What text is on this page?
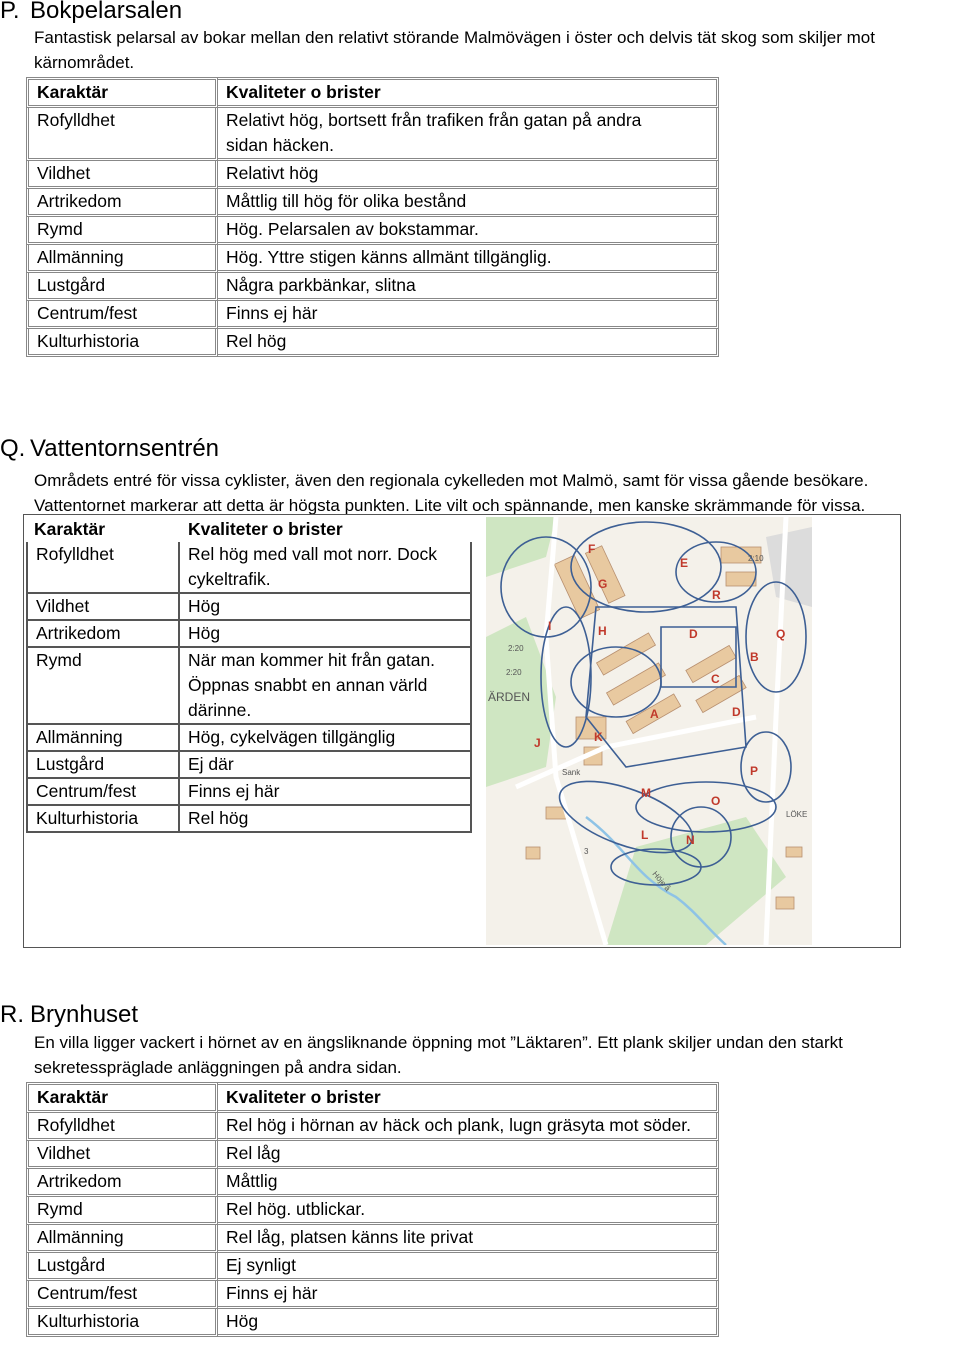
P. Bokpelarsalen
Fantastisk pelarsal av bokar mellan den relativt störande Malmövägen i öster och delvis tät skog som skiljer mot
kärnområdet.
Karaktär	Kvaliteter o brister
Rofylldhet	Relativt hög, bortsett från trafiken från gatan på andra
sidan häcken.

Vildhet	Relativt hög
Artrikedom	Måttlig till hög för olika bestånd
Rymd	Hög. Pelarsalen av bokstammar.
Allmänning	Hög. Yttre stigen känns allmänt tillgänglig.
Lustgård	Några parkbänkar, slitna
Centrum/fest	Finns ej här
Kulturhistoria	Rel hög
Q. Vattentornsentrén
Områdets entré för vissa cyklister, även den regionala cykelleden mot Malmö, samt för vissa gående besökare.
Vattentornet markerar att detta är högsta punkten. Lite vilt och spännande, men kanske skrämmande för vissa.
Karaktär	Kvaliteter o brister
Rofylldhet	Rel hög med vall mot norr. Dock
cykeltrafik.

Vildhet	Hög
Artrikedom	Hög
Rymd	När man kommer hit från gatan.
Öppnas snabbt en annan värld
därinne.

Allmänning	Hög, cykelvägen tillgänglig
Lustgård	Ej där
Centrum/fest	Finns ej här
Kulturhistoria	Rel hög
F
E
G
R
I	H	D	Q
B
C
A	D
J	K
P
M
O
L	N
2:10
2:20
2:20
ÄRDEN
3
Sank
Höje å
LÖKE
R. Brynhuset
En villa ligger vackert i hörnet av en ängsliknande öppning mot ”Läktaren”. Ett plank skiljer undan den starkt
sekretesspräglade anläggningen på andra sidan.
Karaktär	Kvaliteter o brister
Rofylldhet	Rel hög i hörnan av häck och plank, lugn gräsyta mot söder.
Vildhet	Rel låg
Artrikedom	Måttlig
Rymd	Rel hög. utblickar.
Allmänning	Rel låg, platsen känns lite privat
Lustgård	Ej synligt
Centrum/fest	Finns ej här
Kulturhistoria	Hög
